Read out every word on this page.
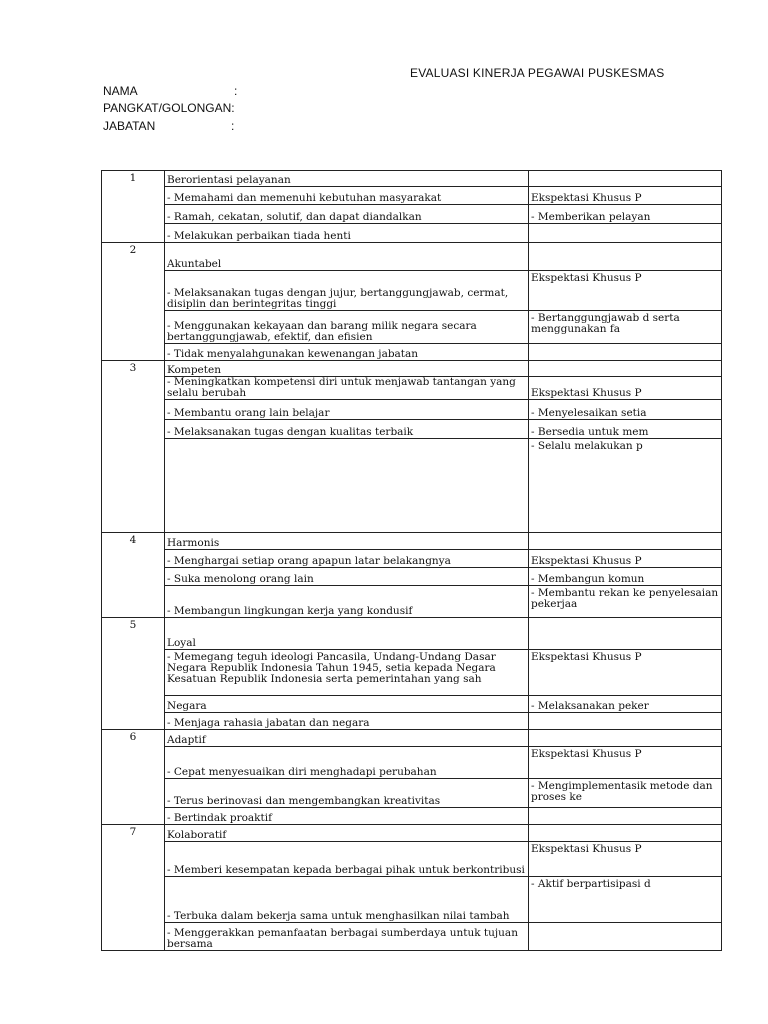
EVALUASI KINERJA PEGAWAI PUSKESMAS
NAMA	:
PANGKAT/GOLONGAN:
JABATAN	:
1	Berorientasi pelayanan	
	- Memahami dan memenuhi kebutuhan masyarakat	Ekspektasi Khusus P
	- Ramah, cekatan, solutif, dan dapat diandalkan	- Memberikan pelayan
	- Melakukan perbaikan tiada henti	
2	Akuntabel	
	- Melaksanakan tugas dengan jujur, bertanggungjawab, cermat, disiplin dan berintegritas tinggi	Ekspektasi Khusus P
	- Menggunakan kekayaan dan barang milik negara secara bertanggungjawab, efektif, dan efisien	- Bertanggungjawab d serta menggunakan fa
	- Tidak menyalahgunakan kewenangan jabatan	
3	Kompeten	
	- Meningkatkan kompetensi diri untuk menjawab tantangan yang selalu berubah	Ekspektasi Khusus P
	- Membantu orang lain belajar	- Menyelesaikan setia
	- Melaksanakan tugas dengan kualitas terbaik	- Bersedia untuk mem
		- Selalu melakukan p
4	Harmonis	
	- Menghargai setiap orang apapun latar belakangnya	Ekspektasi Khusus P
	- Suka menolong orang lain	- Membangun komun
	- Membangun lingkungan kerja yang kondusif	- Membantu rekan ke penyelesaian pekerjaa
5	Loyal	
	- Memegang teguh ideologi Pancasila, Undang-Undang Dasar Negara Republik Indonesia Tahun 1945, setia kepada Negara Kesatuan Republik Indonesia serta pemerintahan yang sah	Ekspektasi Khusus P
	Negara	- Melaksanakan peker
	- Menjaga rahasia jabatan dan negara	
6	Adaptif	
	- Cepat menyesuaikan diri menghadapi perubahan	Ekspektasi Khusus P
	- Terus berinovasi dan mengembangkan kreativitas	- Mengimplementasik metode dan proses ke
	- Bertindak proaktif	
7	Kolaboratif	
	- Memberi kesempatan kepada berbagai pihak untuk berkontribusi	Ekspektasi Khusus P
	- Terbuka dalam bekerja sama untuk menghasilkan nilai tambah	- Aktif berpartisipasi d
	- Menggerakkan pemanfaatan berbagai sumberdaya untuk tujuan bersama	
